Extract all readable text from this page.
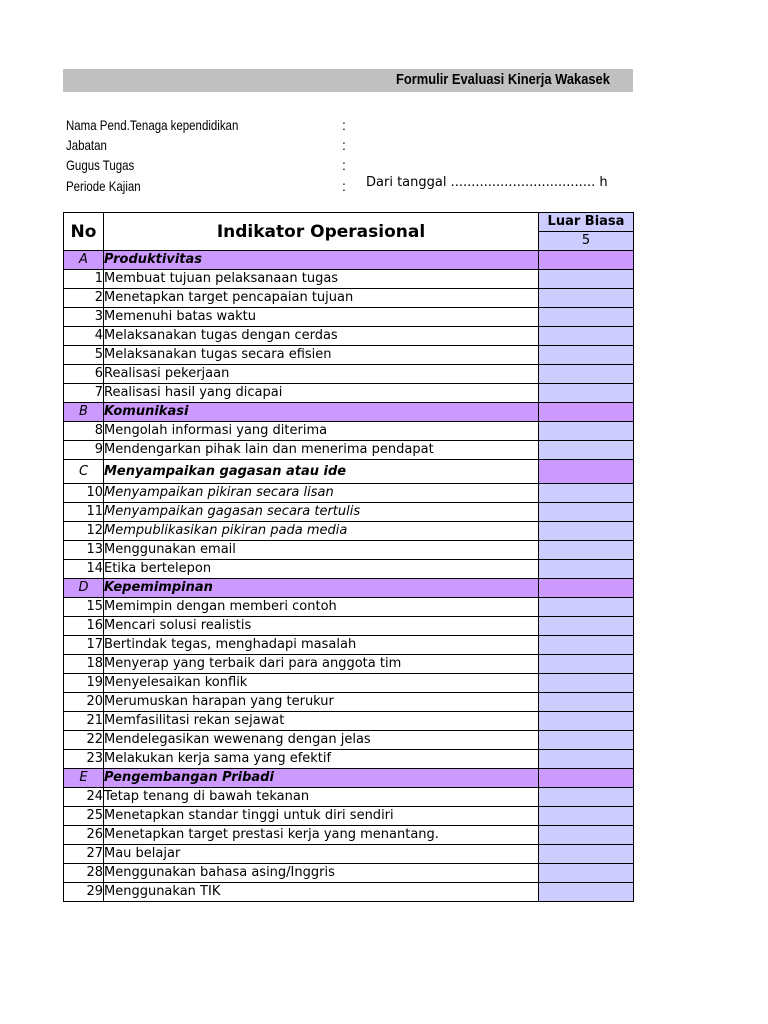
Formulir Evaluasi Kinerja Wakasek
Nama Pend.Tenaga kependidikan	:
Jabatan	:
Gugus Tugas	:
Periode Kajian	: Dari tanggal ................................... h
No	Indikator Operasional	Luar Biasa
		5
A	Produktivitas	
1	Membuat tujuan pelaksanaan tugas	
2	Menetapkan target pencapaian tujuan	
3	Memenuhi batas waktu	
4	Melaksanakan tugas dengan cerdas	
5	Melaksanakan tugas secara efisien	
6	Realisasi pekerjaan	
7	Realisasi hasil yang dicapai	
B	Komunikasi	
8	Mengolah informasi yang diterima	
9	Mendengarkan pihak lain dan menerima pendapat	
C	Menyampaikan gagasan atau ide	
10	Menyampaikan pikiran secara lisan	
11	Menyampaikan gagasan secara tertulis	
12	Mempublikasikan pikiran pada media	
13	Menggunakan email	
14	Etika bertelepon	
D	Kepemimpinan	
15	Memimpin dengan memberi contoh	
16	Mencari solusi realistis	
17	Bertindak tegas, menghadapi masalah	
18	Menyerap yang terbaik dari para anggota tim	
19	Menyelesaikan konflik	
20	Merumuskan harapan yang terukur	
21	Memfasilitasi rekan sejawat	
22	Mendelegasikan wewenang dengan jelas	
23	Melakukan kerja sama yang efektif	
E	Pengembangan Pribadi	
24	Tetap tenang di bawah tekanan	
25	Menetapkan standar tinggi untuk diri sendiri	
26	Menetapkan target prestasi kerja yang menantang.	
27	Mau belajar	
28	Menggunakan bahasa asing/Inggris	
29	Menggunakan TIK	
